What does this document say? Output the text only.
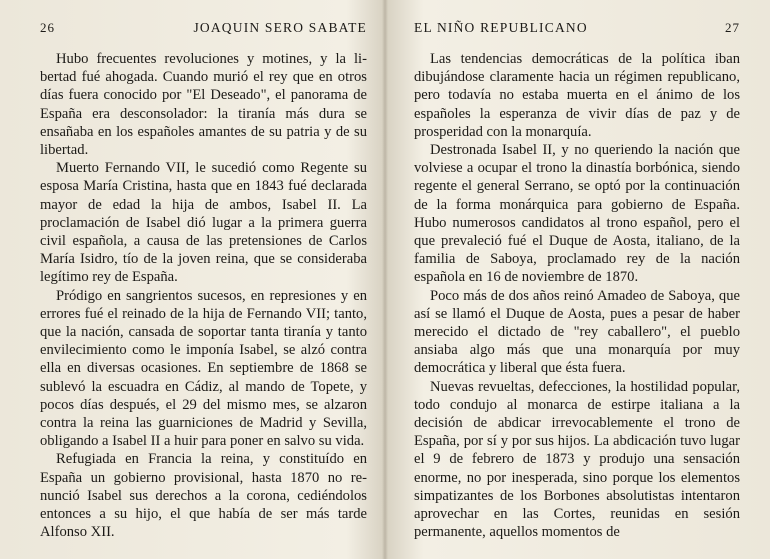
26	JOAQUIN SERO SABATE

Hubo frecuentes revoluciones y motines, y la libertad fué ahogada. Cuando murió el rey que en otros días fuera conocido por "El Deseado", el panorama de España era desconsolador: la tiranía más dura se ensañaba en los españoles amantes de su patria y de su libertad.

Muerto Fernando VII, le sucedió como Regente su esposa María Cristina, hasta que en 1843 fué declarada mayor de edad la hija de ambos, Isabel II. La proclamación de Isabel dió lugar a la primera guerra civil española, a causa de las pretensiones de Carlos María Isidro, tío de la joven reina, que se consideraba legítimo rey de España.

Pródigo en sangrientos sucesos, en represiones y en errores fué el reinado de la hija de Fernando VII; tanto, que la nación, cansada de soportar tanta tiranía y tanto envilecimiento como le imponía Isabel, se alzó contra ella en diversas ocasiones. En septiembre de 1868 se sublevó la escuadra en Cádiz, al mando de Topete, y pocos días después, el 29 del mismo mes, se alzaron contra la reina las guarniciones de Madrid y Sevilla, obligando a Isabel II a huir para poner en salvo su vida.

Refugiada en Francia la reina, y constituído en España un gobierno provisional, hasta 1870 no renunció Isabel sus derechos a la corona, cediéndolos entonces a su hijo, el que había de ser más tarde Alfonso XII.

EL NIÑO REPUBLICANO	27

Las tendencias democráticas de la política iban dibujándose claramente hacia un régimen republicano, pero todavía no estaba muerta en el ánimo de los españoles la esperanza de vivir días de paz y de prosperidad con la monarquía.

Destronada Isabel II, y no queriendo la nación que volviese a ocupar el trono la dinastía borbónica, siendo regente el general Serrano, se optó por la continuación de la forma monárquica para gobierno de España. Hubo numerosos candidatos al trono español, pero el que prevaleció fué el Duque de Aosta, italiano, de la familia de Saboya, proclamado rey de la nación española en 16 de noviembre de 1870.

Poco más de dos años reinó Amadeo de Saboya, que así se llamó el Duque de Aosta, pues a pesar de haber merecido el dictado de "rey caballero", el pueblo ansiaba algo más que una monarquía por muy democrática y liberal que ésta fuera.

Nuevas revueltas, defecciones, la hostilidad popular, todo condujo al monarca de estirpe italiana a la decisión de abdicar irrevocablemente el trono de España, por sí y por sus hijos. La abdicación tuvo lugar el 9 de febrero de 1873 y produjo una sensación enorme, no por inesperada, sino porque los elementos simpatizantes de los Borbones absolutistas intentaron aprovechar en las Cortes, reunidas en sesión permanente, aquellos momentos de
